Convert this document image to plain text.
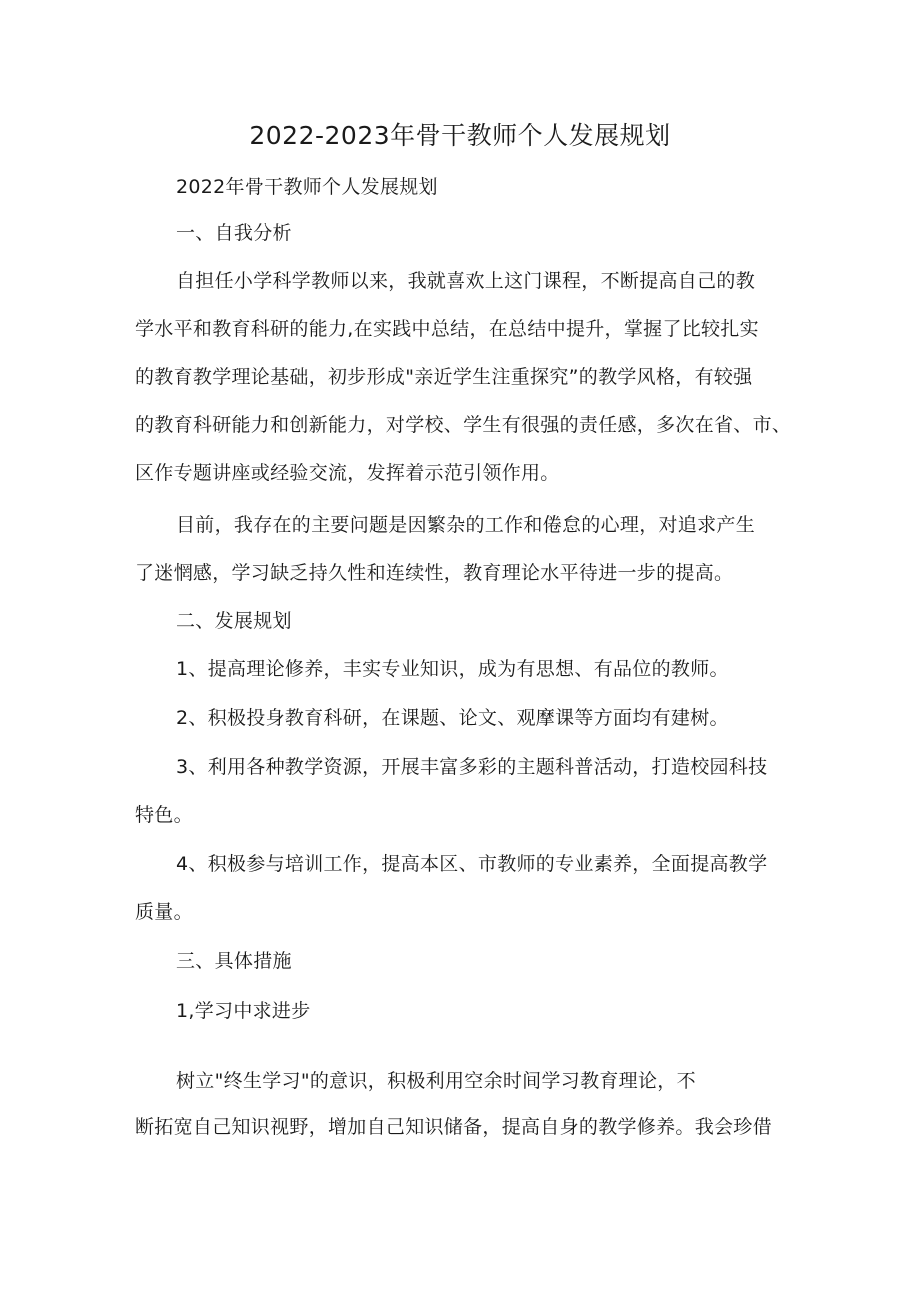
2022-2023年骨干教师个人发展规划

2022年骨干教师个人发展规划

一、自我分析

自担任小学科学教师以来，我就喜欢上这门课程，不断提高自己的教

学水平和教育科研的能力,在实践中总结，在总结中提升，掌握了比较扎实

的教育教学理论基础，初步形成"亲近学生注重探究”的教学风格，有较强

的教育科研能力和创新能力，对学校、学生有很强的责任感，多次在省、市、

区作专题讲座或经验交流，发挥着示范引领作用。

目前，我存在的主要问题是因繁杂的工作和倦怠的心理，对追求产生

了迷惘感，学习缺乏持久性和连续性，教育理论水平待进一步的提高。

二、发展规划

1、提高理论修养，丰实专业知识，成为有思想、有品位的教师。

2、积极投身教育科研，在课题、论文、观摩课等方面均有建树。

3、利用各种教学资源，开展丰富多彩的主题科普活动，打造校园科技

特色。

4、积极参与培训工作，提高本区、市教师的专业素养，全面提高教学

质量。

三、具体措施

1,学习中求进步

树立"终生学习"的意识，积极利用空余时间学习教育理论，不

断拓宽自己知识视野，增加自己知识储备，提高自身的教学修养。我会珍借
